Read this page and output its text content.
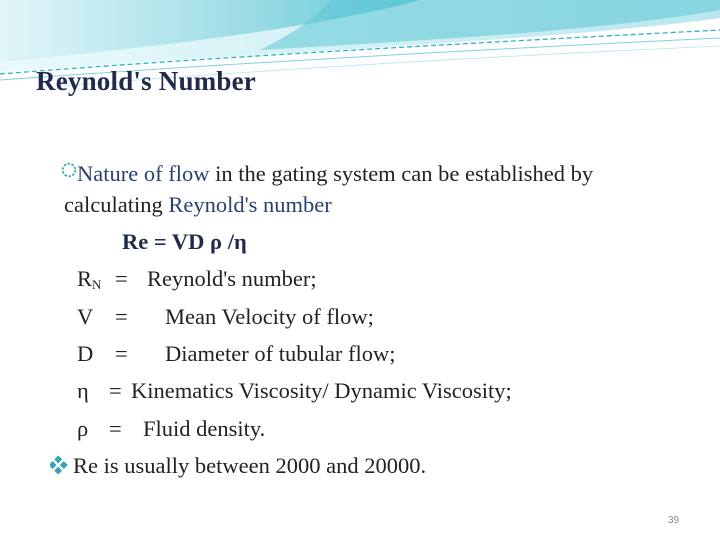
Reynold's Number
Nature of flow in the gating system can be established by
calculating Reynold's number
Re = VD ρ /η
$R_N$ = Reynold's number;
V = Mean Velocity of flow;
D = Diameter of tubular flow;
η = Kinematics Viscosity/ Dynamic Viscosity;
ρ = Fluid density.
Re is usually between 2000 and 20000.
39
